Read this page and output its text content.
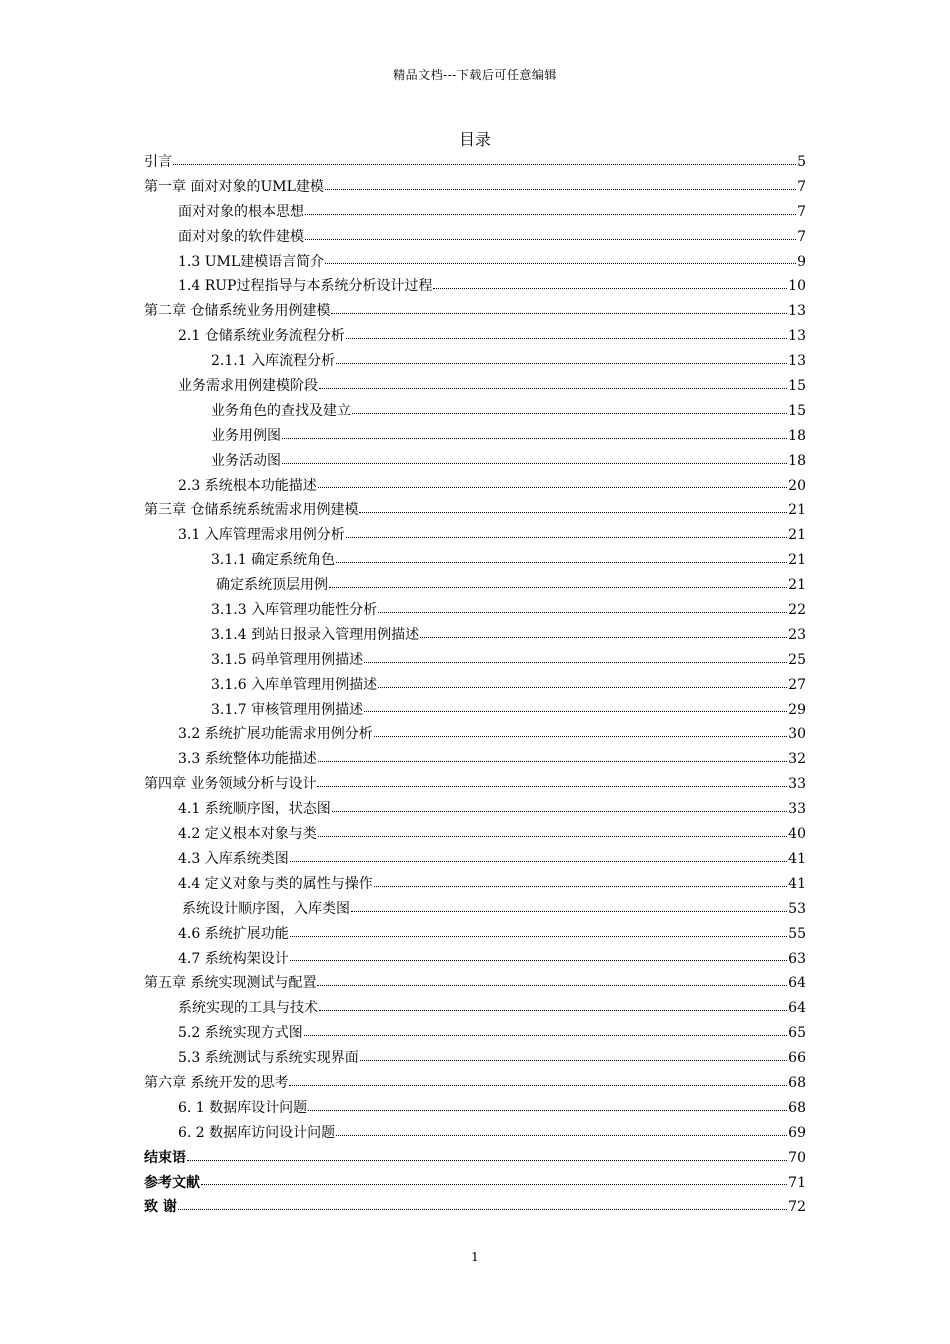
精品文档---下载后可任意编辑
目录
引言	5
第一章 面对对象的UML建模	7
面对对象的根本思想	7
面对对象的软件建模	7
1.3 UML建模语言简介	9
1.4 RUP过程指导与本系统分析设计过程	10
第二章 仓储系统业务用例建模	13
2.1 仓储系统业务流程分析	13
2.1.1 入库流程分析	13
业务需求用例建模阶段	15
业务角色的查找及建立	15
业务用例图	18
业务活动图	18
2.3 系统根本功能描述	20
第三章 仓储系统系统需求用例建模	21
3.1 入库管理需求用例分析	21
3.1.1 确定系统角色	21
确定系统顶层用例	21
3.1.3 入库管理功能性分析	22
3.1.4 到站日报录入管理用例描述	23
3.1.5 码单管理用例描述	25
3.1.6 入库单管理用例描述	27
3.1.7 审核管理用例描述	29
3.2 系统扩展功能需求用例分析	30
3.3 系统整体功能描述	32
第四章 业务领域分析与设计	33
4.1 系统顺序图，状态图	33
4.2 定义根本对象与类	40
4.3 入库系统类图	41
4.4 定义对象与类的属性与操作	41
系统设计顺序图，入库类图	53
4.6 系统扩展功能	55
4.7 系统构架设计	63
第五章 系统实现测试与配置	64
系统实现的工具与技术	64
5.2 系统实现方式图	65
5.3 系统测试与系统实现界面	66
第六章 系统开发的思考	68
6. 1 数据库设计问题	68
6. 2 数据库访问设计问题	69
结束语	70
参考文献	71
致 谢	72
1
